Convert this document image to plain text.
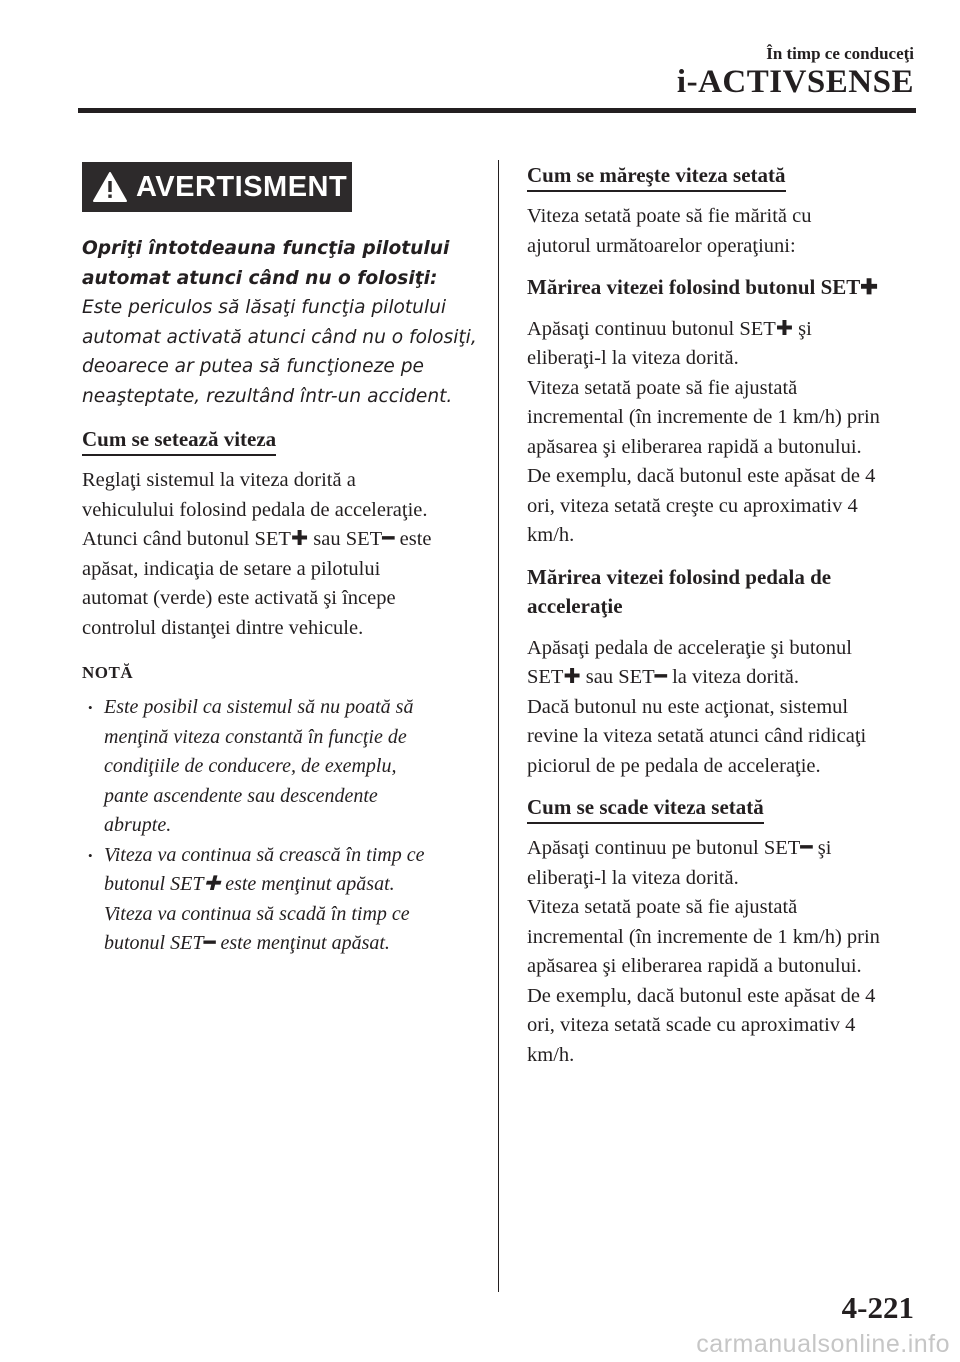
În timp ce conduceţi
i-ACTIVSENSE
AVERTISMENT
Opriţi întotdeauna funcţia pilotului
automat atunci când nu o folosiţi:
Este periculos să lăsaţi funcţia pilotului
automat activată atunci când nu o folosiţi,
deoarece ar putea să funcţioneze pe
neaşteptate, rezultând într-un accident.
Cum se setează viteza
Reglaţi sistemul la viteza dorită a
vehiculului folosind pedala de acceleraţie.
Atunci când butonul SET✚ sau SET━ este
apăsat, indicaţia de setare a pilotului
automat (verde) este activată şi începe
controlul distanţei dintre vehicule.
NOTĂ
• Este posibil ca sistemul să nu poată să
menţină viteza constantă în funcţie de
condiţiile de conducere, de exemplu,
pante ascendente sau descendente
abrupte.
• Viteza va continua să crească în timp ce
butonul SET✚ este menţinut apăsat.
Viteza va continua să scadă în timp ce
butonul SET━ este menţinut apăsat.
Cum se măreşte viteza setată
Viteza setată poate să fie mărită cu
ajutorul următoarelor operaţiuni:
Mărirea vitezei folosind butonul SET✚
Apăsaţi continuu butonul SET✚ şi
eliberaţi-l la viteza dorită.
Viteza setată poate să fie ajustată
incremental (în incremente de 1 km/h) prin
apăsarea şi eliberarea rapidă a butonului.
De exemplu, dacă butonul este apăsat de 4
ori, viteza setată creşte cu aproximativ 4
km/h.
Mărirea vitezei folosind pedala de
acceleraţie
Apăsaţi pedala de acceleraţie şi butonul
SET✚ sau SET━ la viteza dorită.
Dacă butonul nu este acţionat, sistemul
revine la viteza setată atunci când ridicaţi
piciorul de pe pedala de acceleraţie.
Cum se scade viteza setată
Apăsaţi continuu pe butonul SET━ şi
eliberaţi-l la viteza dorită.
Viteza setată poate să fie ajustată
incremental (în incremente de 1 km/h) prin
apăsarea şi eliberarea rapidă a butonului.
De exemplu, dacă butonul este apăsat de 4
ori, viteza setată scade cu aproximativ 4
km/h.
4-221
carmanualsonline.info
